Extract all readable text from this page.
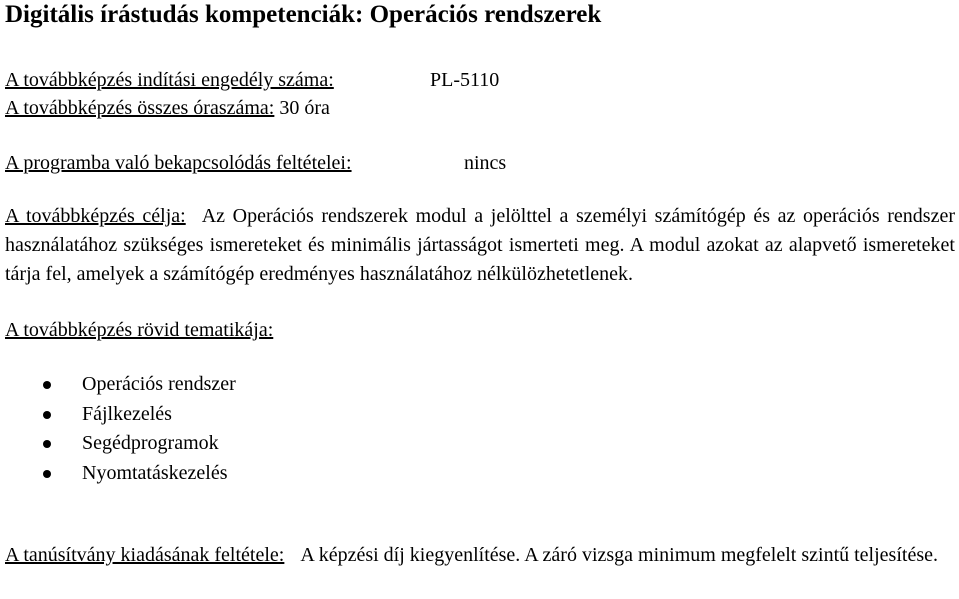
Digitális írástudás kompetenciák: Operációs rendszerek
A továbbképzés indítási engedély száma:	PL-5110
A továbbképzés összes óraszáma: 30 óra
A programba való bekapcsolódás feltételei:	nincs
A továbbképzés célja: Az Operációs rendszerek modul a jelölttel a személyi számítógép és az operációs rendszer használatához szükséges ismereteket és minimális jártasságot ismerteti meg. A modul azokat az alapvető ismereteket tárja fel, amelyek a számítógép eredményes használatához nélkülözhetetlenek.
A továbbképzés rövid tematikája:
Operációs rendszer
Fájlkezelés
Segédprogramok
Nyomtatáskezelés
A tanúsítvány kiadásának feltétele: A képzési díj kiegyenlítése. A záró vizsga minimum megfelelt szintű teljesítése.
